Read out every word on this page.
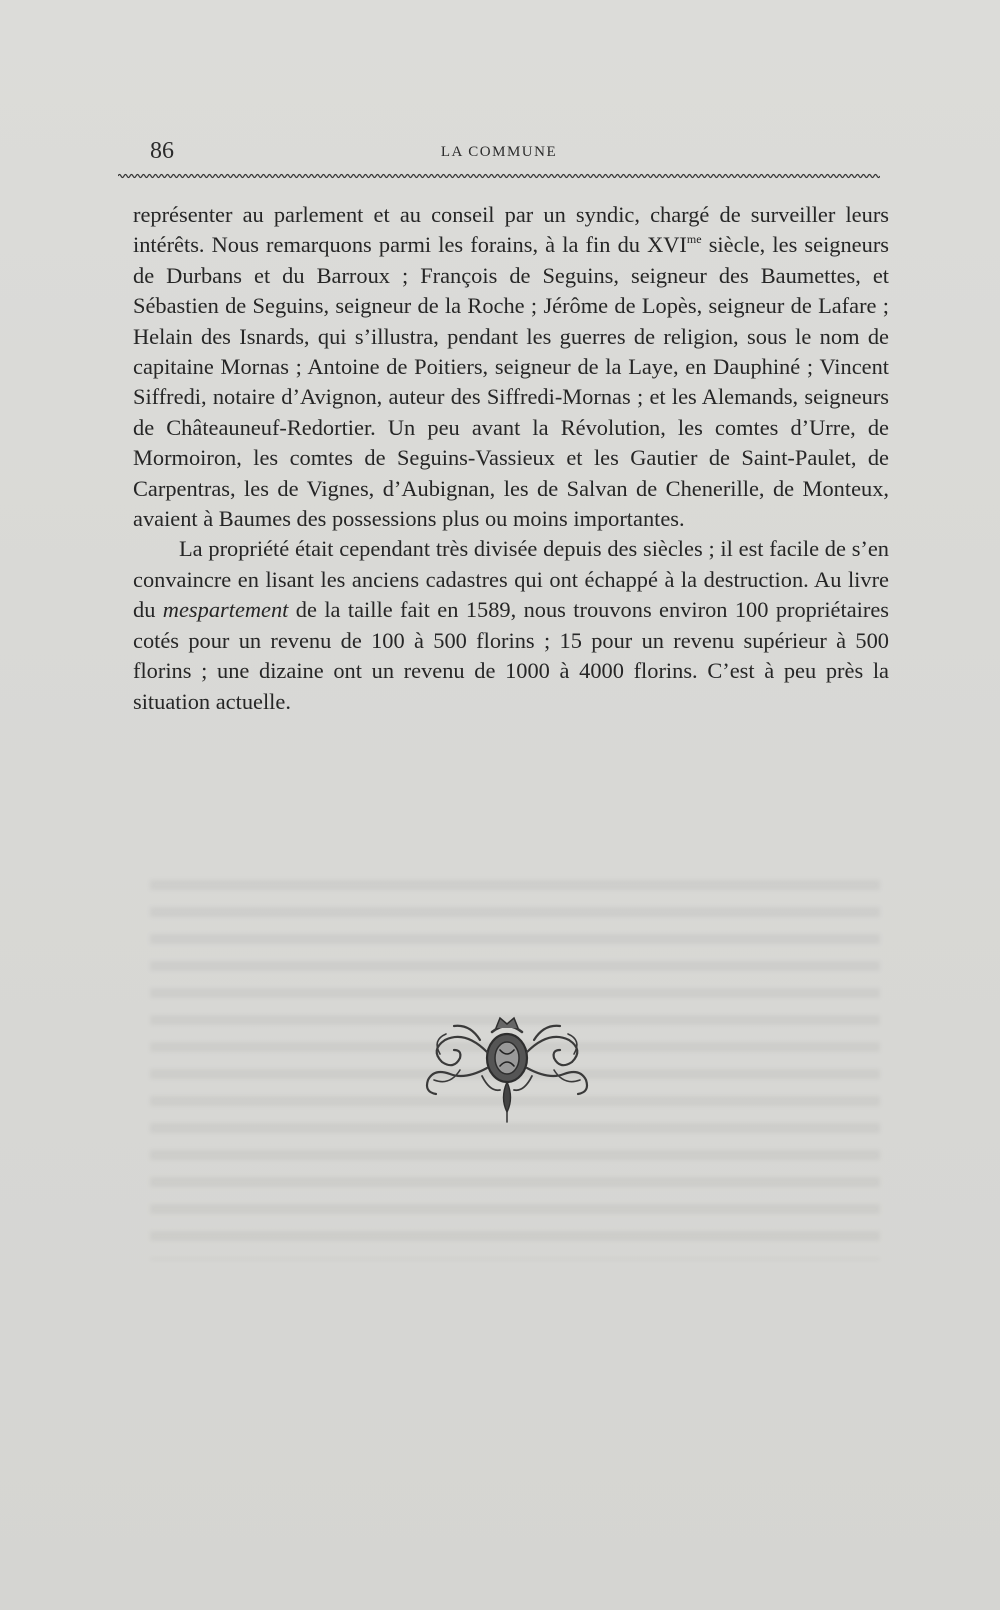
86	LA COMMUNE

représenter au parlement et au conseil par un syndic, chargé de surveiller leurs intérêts. Nous remarquons parmi les forains, à la fin du $XVI^{me}$ siècle, les seigneurs de Durbans et du Barroux ; François de Seguins, seigneur des Baumettes, et Sébastien de Seguins, seigneur de la Roche ; Jérôme de Lopès, seigneur de Lafare ; Helain des Isnards, qui s’illustra, pendant les guerres de religion, sous le nom de capitaine Mornas ; Antoine de Poitiers, seigneur de la Laye, en Dauphiné ; Vincent Siffredi, notaire d’Avignon, auteur des Siffredi-Mornas ; et les Alemands, seigneurs de Châteauneuf-Redortier. Un peu avant la Révolution, les comtes d’Urre, de Mormoiron, les comtes de Seguins-Vassieux et les Gautier de Saint-Paulet, de Carpentras, les de Vignes, d’Aubignan, les de Salvan de Chenerille, de Monteux, avaient à Baumes des possessions plus ou moins importantes.

La propriété était cependant très divisée depuis des siècles ; il est facile de s’en convaincre en lisant les anciens cadastres qui ont échappé à la destruction. Au livre du mespartement de la taille fait en 1589, nous trouvons environ 100 propriétaires cotés pour un revenu de 100 à 500 florins ; 15 pour un revenu supérieur à 500 florins ; une dizaine ont un revenu de 1000 à 4000 florins. C’est à peu près la situation actuelle.
